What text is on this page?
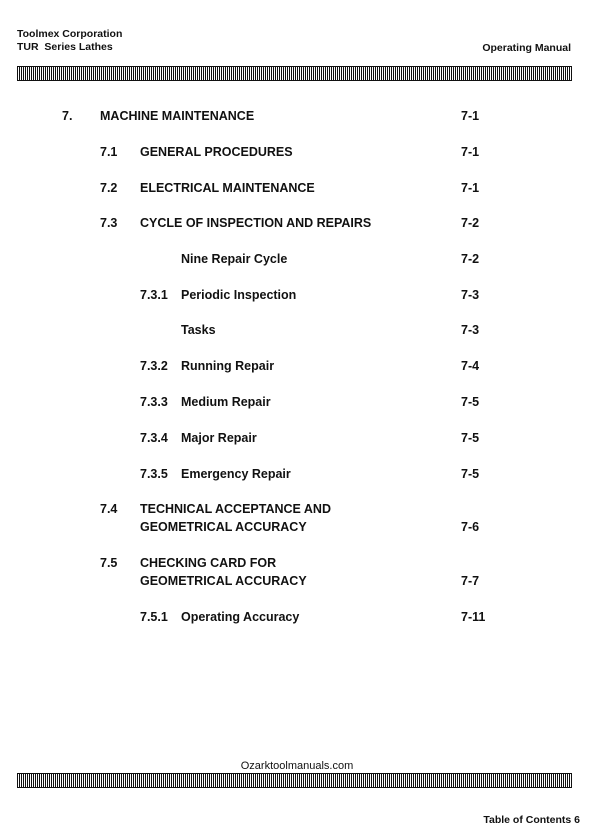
Toolmex Corporation
TUR  Series Lathes	Operating Manual
7. MACHINE MAINTENANCE	7-1
7.1 GENERAL PROCEDURES	7-1
7.2 ELECTRICAL MAINTENANCE	7-1
7.3 CYCLE OF INSPECTION AND REPAIRS	7-2
Nine Repair Cycle	7-2
7.3.1 Periodic Inspection	7-3
Tasks	7-3
7.3.2 Running Repair	7-4
7.3.3 Medium Repair	7-5
7.3.4 Major Repair	7-5
7.3.5 Emergency Repair	7-5
7.4 TECHNICAL ACCEPTANCE AND
GEOMETRICAL ACCURACY	7-6
7.5 CHECKING CARD FOR
GEOMETRICAL ACCURACY	7-7
7.5.1 Operating Accuracy	7-11
Ozarktoolmanuals.com
Table of Contents 6
